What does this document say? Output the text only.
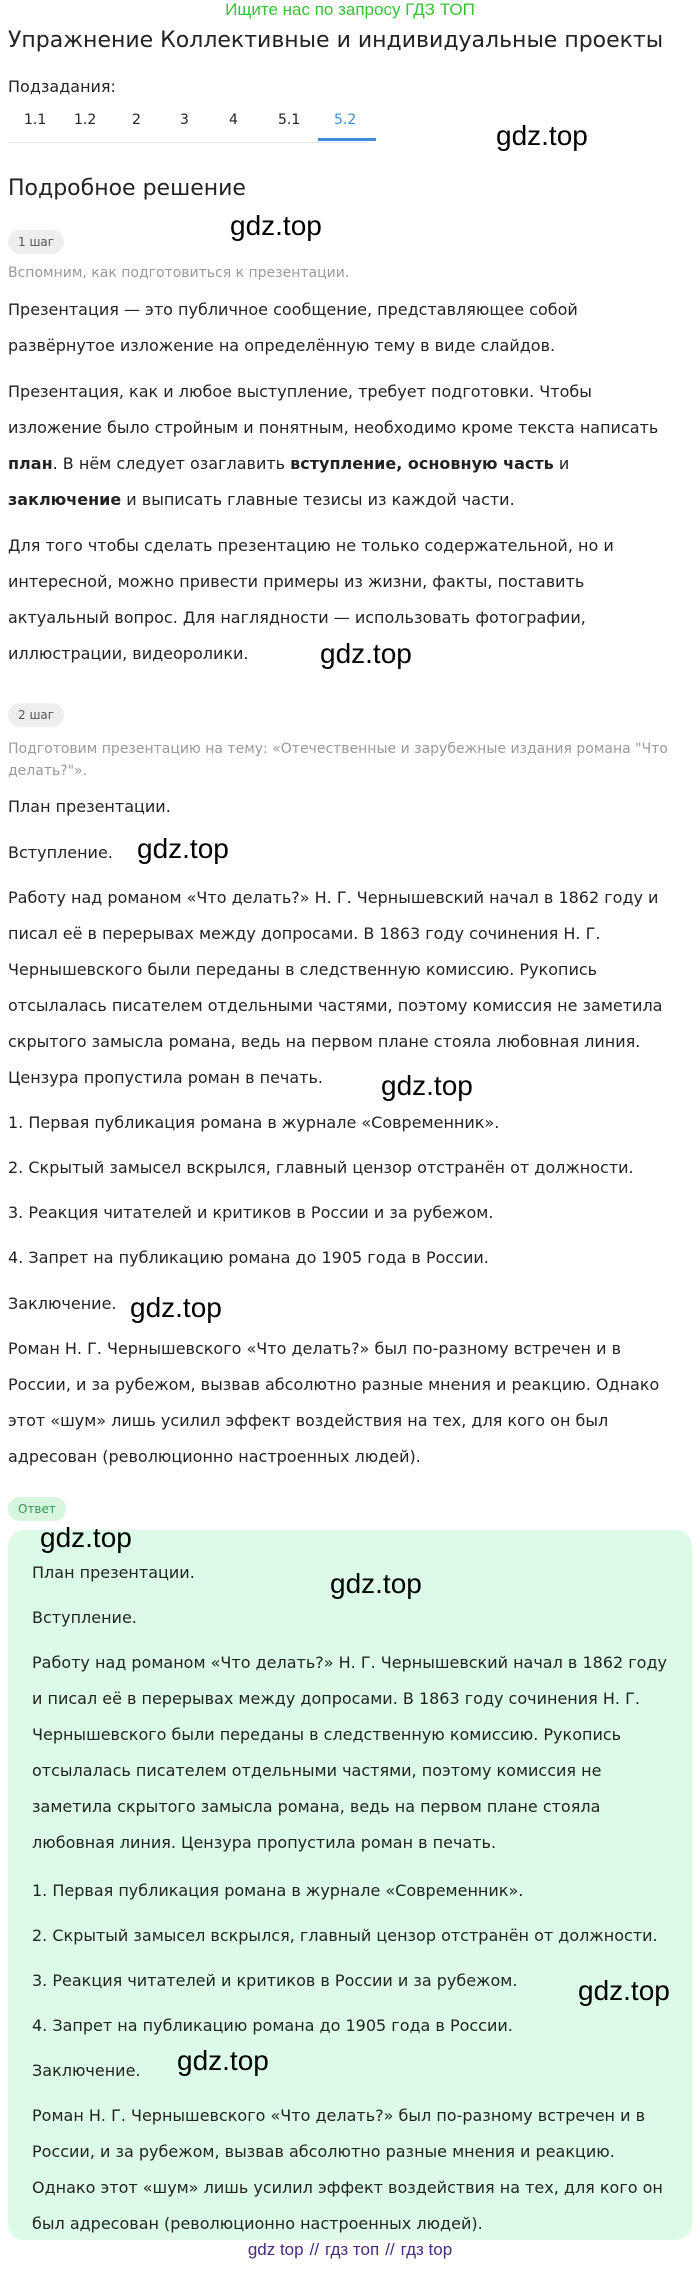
Ищите нас по запросу ГДЗ ТОП
Упражнение Коллективные и индивидуальные проекты
Подзадания:
1.1 1.2	2	3	4	5.1 5.2	gdz.top
Подробное решение
gdz.top
1 шаг

Вспомним, как подготовиться к презентации.

Презентация — это публичное сообщение, представляющее собой развёрнутое изложение на определённую тему в виде слайдов.

Презентация, как и любое выступление, требует подготовки. Чтобы изложение было стройным и понятным, необходимо кроме текста написать план. В нём следует озаглавить вступление, основную часть и заключение и выписать главные тезисы из каждой части.

Для того чтобы сделать презентацию не только содержательной, но и интересной, можно привести примеры из жизни, факты, поставить актуальный вопрос. Для наглядности — использовать фотографии, иллюстрации, видеоролики.	gdz.top
2 шаг

Подготовим презентацию на тему: «Отечественные и зарубежные издания романа "Что делать?"».

План презентации.

Вступление. gdz.top

Работу над романом «Что делать?» Н. Г. Чернышевский начал в 1862 году и писал её в перерывах между допросами. В 1863 году сочинения Н. Г. Чернышевского были переданы в следственную комиссию. Рукопись отсылалась писателем отдельными частями, поэтому комиссия не заметила скрытого замысла романа, ведь на первом плане стояла любовная линия. Цензура пропустила роман в печать.	gdz.top

1. Первая публикация романа в журнале «Современник».

2. Скрытый замысел вскрылся, главный цензор отстранён от должности.

3. Реакция читателей и критиков в России и за рубежом.

4. Запрет на публикацию романа до 1905 года в России.

Заключение. gdz.top

Роман Н. Г. Чернышевского «Что делать?» был по-разному встречен и в России, и за рубежом, вызвав абсолютно разные мнения и реакцию. Однако этот «шум» лишь усилил эффект воздействия на тех, для кого он был адресован (революционно настроенных людей).

Ответ
gdz.top

План презентации.	gdz.top

Вступление.

Работу над романом «Что делать?» Н. Г. Чернышевский начал в 1862 году и писал её в перерывах между допросами. В 1863 году сочинения Н. Г. Чернышевского были переданы в следственную комиссию. Рукопись отсылалась писателем отдельными частями, поэтому комиссия не заметила скрытого замысла романа, ведь на первом плане стояла любовная линия. Цензура пропустила роман в печать.

1. Первая публикация романа в журнале «Современник».

2. Скрытый замысел вскрылся, главный цензор отстранён от должности.

3. Реакция читателей и критиков в России и за рубежом.	gdz.top

4. Запрет на публикацию романа до 1905 года в России.

Заключение.	gdz.top

Роман Н. Г. Чернышевского «Что делать?» был по-разному встречен и в России, и за рубежом, вызвав абсолютно разные мнения и реакцию. Однако этот «шум» лишь усилил эффект воздействия на тех, для кого он был адресован (революционно настроенных людей).

gdz top // гдз топ // гдз top
